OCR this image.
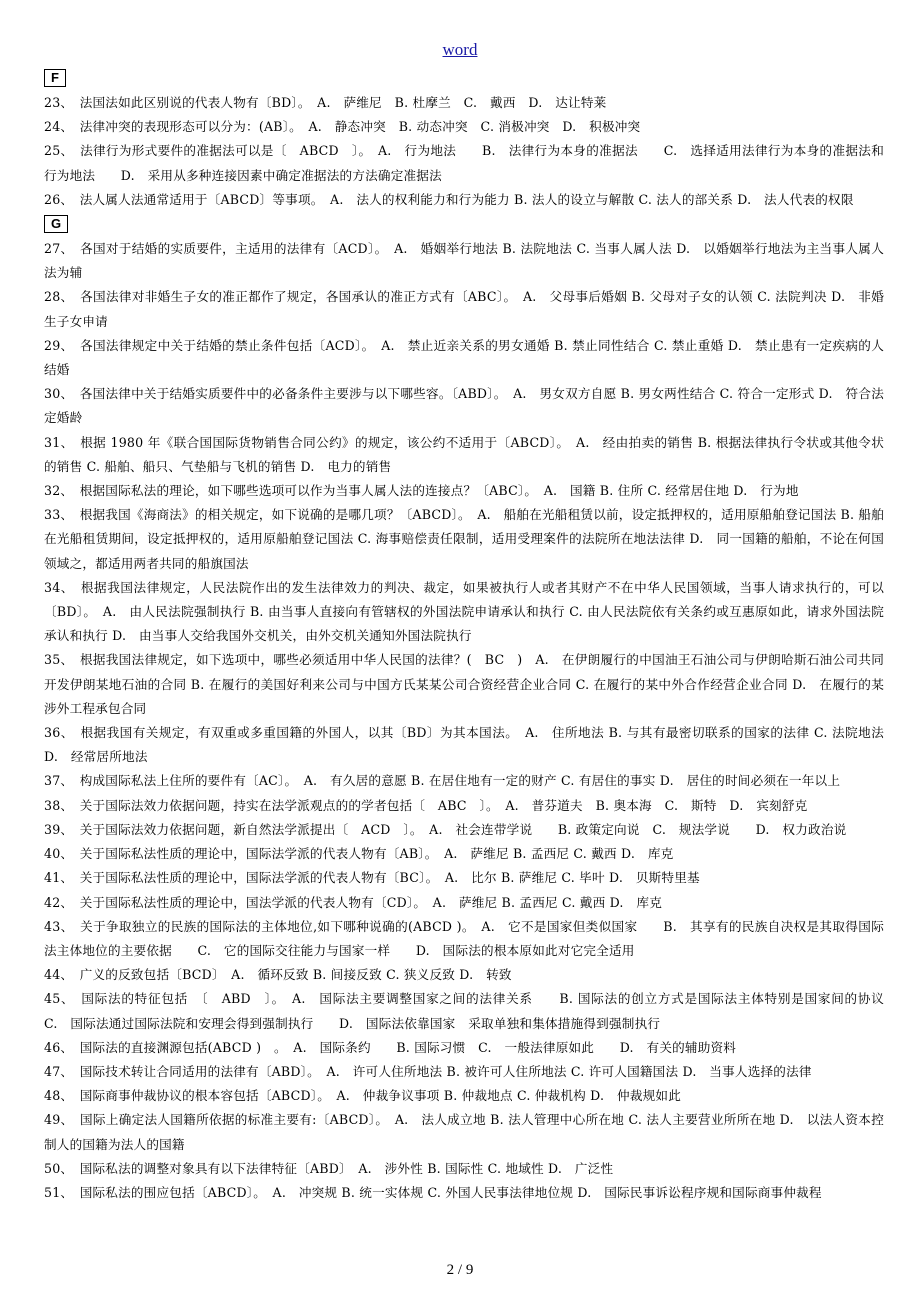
word
F
23、　法国法如此区别说的代表人物有〔BD〕。　A.　萨维尼　B. 杜摩兰　C.　戴西　D.　达让特莱
24、　法律冲突的表现形态可以分为：(AB〕。　A.　静态冲突　B. 动态冲突　C. 消极冲突　D.　积极冲突
25、　法律行为形式要件的准据法可以是〔　ABCD　〕。　A.　行为地法　　B.　法律行为本身的准据法　　C.　选择适用法律行为本身的准据法和行为地法　　D.　采用从多种连接因素中确定准据法的方法确定准据法
26、　法人属人法通常适用于〔ABCD〕等事项。　A.　法人的权利能力和行为能力 B. 法人的设立与解散 C. 法人的部关系 D.　法人代表的权限
G
27、　各国对于结婚的实质要件，主适用的法律有〔ACD〕。　A.　婚姻举行地法 B. 法院地法 C. 当事人属人法 D.　以婚姻举行地法为主当事人属人法为辅
28、　各国法律对非婚生子女的准正都作了规定，各国承认的准正方式有〔ABC〕。　A.　父母事后婚姻 B. 父母对子女的认领 C. 法院判决 D.　非婚生子女申请
29、　各国法律规定中关于结婚的禁止条件包括〔ACD〕。　A.　禁止近亲关系的男女通婚 B. 禁止同性结合 C. 禁止重婚 D.　禁止患有一定疾病的人结婚
30、　各国法律中关于结婚实质要件中的必备条件主要涉与以下哪些容。〔ABD〕。　A.　男女双方自愿 B. 男女两性结合 C. 符合一定形式 D.　符合法定婚龄
31、　根据 1980 年《联合国国际货物销售合同公约》的规定，该公约不适用于〔ABCD〕。　A.　经由拍卖的销售 B. 根据法律执行令状或其他令状的销售 C. 船舶、船只、气垫船与飞机的销售 D.　电力的销售
32、　根据国际私法的理论，如下哪些选项可以作为当事人属人法的连接点？〔ABC〕。　A.　国籍 B. 住所 C. 经常居住地 D.　行为地
33、　根据我国《海商法》的相关规定，如下说确的是哪几项？〔ABCD〕。　A.　船舶在光船租赁以前，设定抵押权的，适用原船舶登记国法 B. 船舶在光船租赁期间，设定抵押权的，适用原船舶登记国法 C. 海事赔偿责任限制，适用受理案件的法院所在地法法律 D.　同一国籍的船舶，不论在何国领域之，都适用两者共同的船旗国法
34、　根据我国法律规定，人民法院作出的发生法律效力的判决、裁定，如果被执行人或者其财产不在中华人民国领域，当事人请求执行的，可以〔BD〕。　A.　由人民法院强制执行 B. 由当事人直接向有管辖权的外国法院申请承认和执行 C. 由人民法院依有关条约或互惠原如此，请求外国法院承认和执行 D.　由当事人交给我国外交机关，由外交机关通知外国法院执行
35、　根据我国法律规定，如下选项中，哪些必须适用中华人民国的法律？(　BC　)　A.　在伊朗履行的中国油王石油公司与伊朗哈斯石油公司共同开发伊朗某地石油的合同 B. 在履行的美国好利来公司与中国方氏某某公司合资经营企业合同 C. 在履行的某中外合作经营企业合同 D.　在履行的某涉外工程承包合同
36、　根据我国有关规定，有双重或多重国籍的外国人，以其〔BD〕为其本国法。　A.　住所地法 B. 与其有最密切联系的国家的法律 C. 法院地法 D.　经常居所地法
37、　构成国际私法上住所的要件有〔AC〕。　A.　有久居的意愿 B. 在居住地有一定的财产 C. 有居住的事实 D.　居住的时间必须在一年以上
38、　关于国际法效力依据问题，持实在法学派观点的的学者包括〔　ABC　〕。　A.　普芬道夫　B. 奥本海　C.　斯特　D.　宾刻舒克
39、　关于国际法效力依据问题，新自然法学派提出〔　ACD　〕。　A.　社会连带学说　　B. 政策定向说　C.　规法学说　　D.　权力政治说
40、　关于国际私法性质的理论中，国际法学派的代表人物有〔AB〕。　A.　萨维尼 B. 孟西尼 C. 戴西 D.　库克
41、　关于国际私法性质的理论中，国际法学派的代表人物有〔BC〕。　A.　比尔 B. 萨维尼 C. 毕叶 D.　贝斯特里基
42、　关于国际私法性质的理论中，国法学派的代表人物有〔CD〕。　A.　萨维尼 B. 孟西尼 C. 戴西 D.　库克
43、　关于争取独立的民族的国际法的主体地位,如下哪种说确的(ABCD )。　A.　它不是国家但类似国家　　B.　其享有的民族自决权是其取得国际法主体地位的主要依据　　C.　它的国际交往能力与国家一样　　D.　国际法的根本原如此对它完全适用
44、　广义的反致包括〔BCD〕　A.　循环反致 B. 间接反致 C. 狭义反致 D.　转致
45、　国际法的特征包括　〔　ABD　〕。　A.　国际法主要调整国家之间的法律关系　　B. 国际法的创立方式是国际法主体特别是国家间的协议　　C.　国际法通过国际法院和安理会得到强制执行　　D.　国际法依靠国家　采取单独和集体措施得到强制执行
46、　国际法的直接渊源包括(ABCD )　。　A.　国际条约　　B. 国际习惯　C.　一般法律原如此　　D.　有关的辅助资料
47、　国际技术转让合同适用的法律有〔ABD〕。　A.　许可人住所地法 B. 被许可人住所地法 C. 许可人国籍国法 D.　当事人选择的法律
48、　国际商事仲裁协议的根本容包括〔ABCD〕。　A.　仲裁争议事项 B. 仲裁地点 C. 仲裁机构 D.　仲裁规如此
49、　国际上确定法人国籍所依据的标准主要有:〔ABCD〕。　A.　法人成立地 B. 法人管理中心所在地 C. 法人主要营业所所在地 D.　以法人资本控制人的国籍为法人的国籍
50、　国际私法的调整对象具有以下法律特征〔ABD〕　A.　涉外性 B. 国际性 C. 地域性 D.　广泛性
51、　国际私法的围应包括〔ABCD〕。　A.　冲突规 B. 统一实体规 C. 外国人民事法律地位规 D.　国际民事诉讼程序规和国际商事仲裁程
2 / 9
